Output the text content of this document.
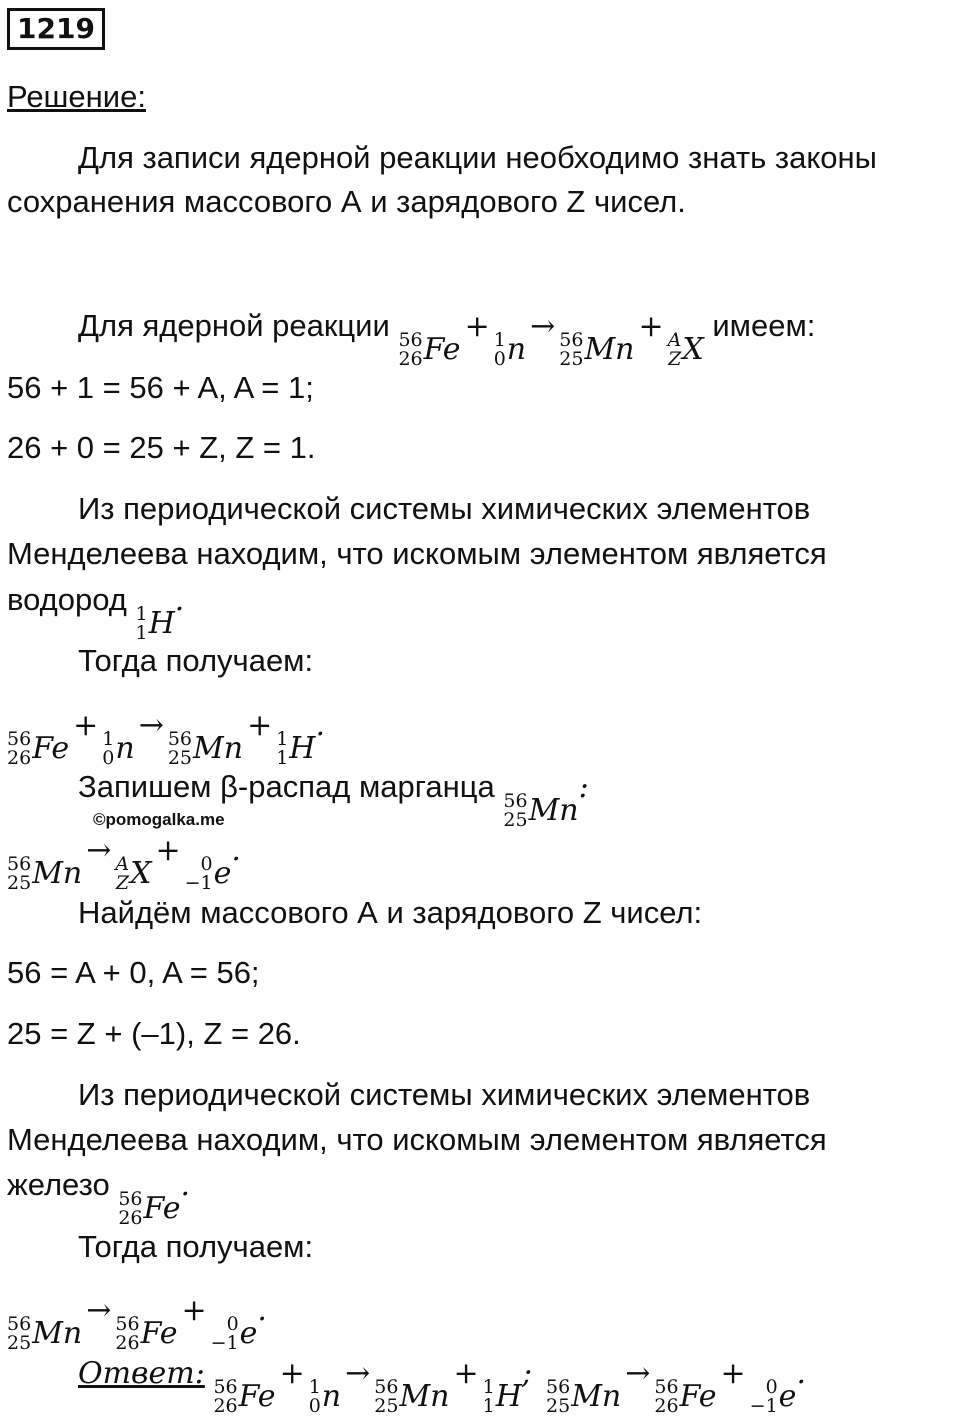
1219
Решение:
Для записи ядерной реакции необходимо знать законы
сохранения массового А и зарядового Z чисел.
Для ядерной реакции 56
26 Fe
+ 1
0 n
→ 56
25 Mn
+ A
Z X
имеем:
56 + 1 = 56 + A, A = 1;
26 + 0 = 25 + Z, Z = 1.
Из периодической системы химических элементов
Менделеева находим, что искомым элементом является
водород 1
1 H
.
Тогда получаем:
56
26 Fe
+ 1
0 n
→ 56
25 Mn
+ 1
1 H
.
Запишем β-распад марганца 56
25 Mn
:
©pomogalka.me
56
25 Mn
→ A
Z X
+ 0
−1 e
.
Найдём массового А и зарядового Z чисел:
56 = A + 0, A = 56;
25 = Z + (–1), Z = 26.
Из периодической системы химических элементов
Менделеева находим, что искомым элементом является
железо 56
26 Fe
.
Тогда получаем:
56
25 Mn
→ 56
26 Fe
+ 0
−1 e
.
Ответ: 56
26 Fe
+ 1
0 n
→ 56
25 Mn
+ 1
1 H
; 56
25 Mn
→ 56
26 Fe
+ 0
−1 e
.
